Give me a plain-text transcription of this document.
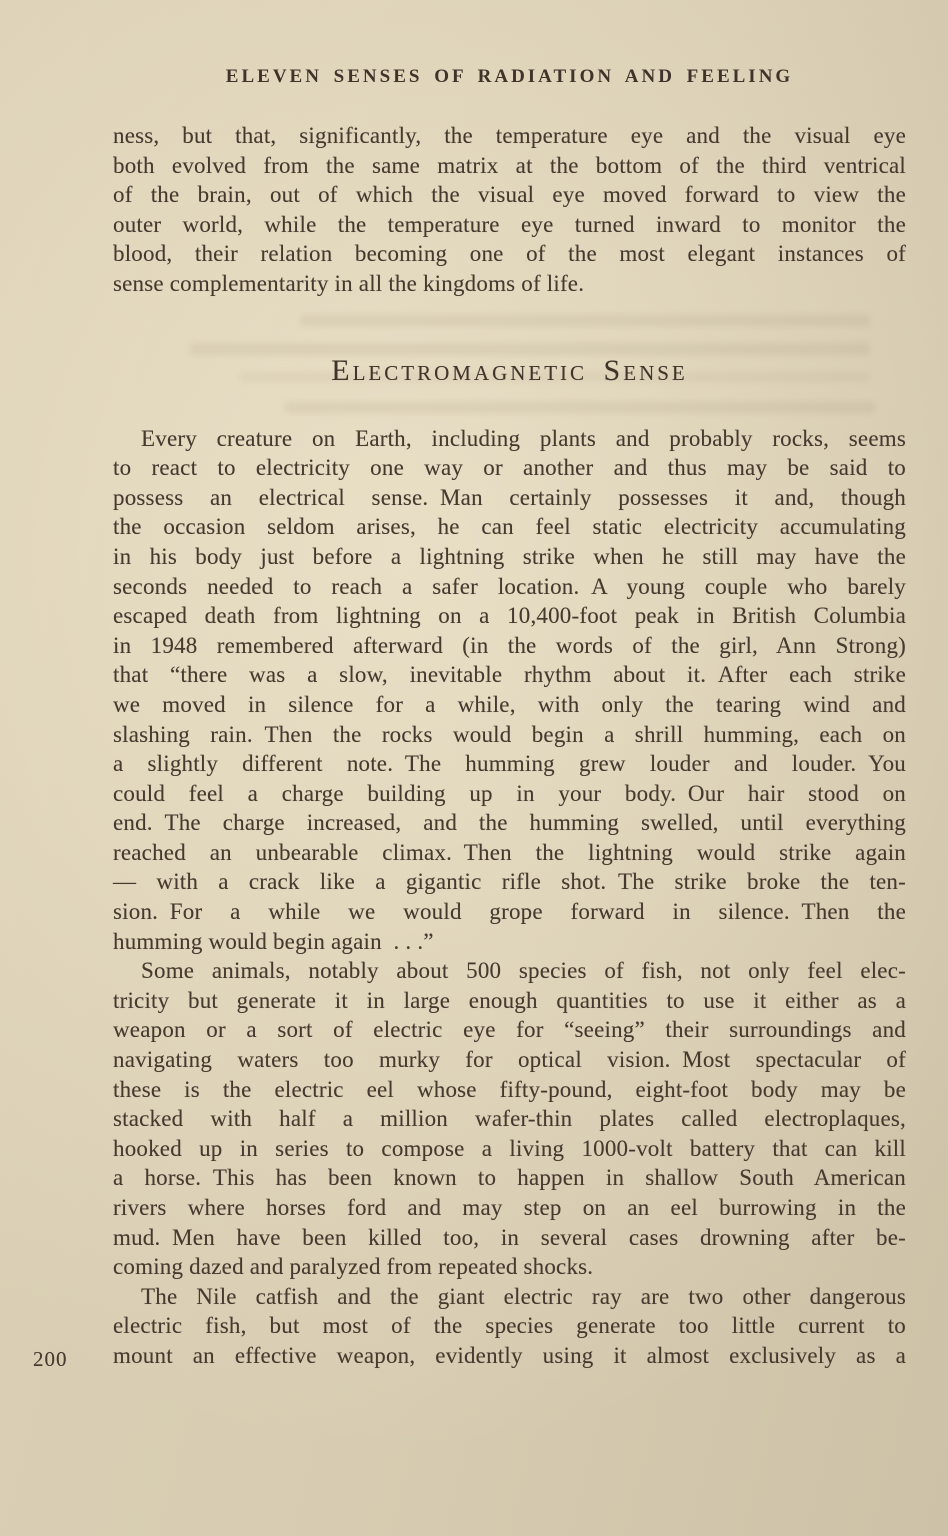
ELEVEN SENSES OF RADIATION AND FEELING

ness, but that, significantly, the temperature eye and the visual eye
both evolved from the same matrix at the bottom of the third ventrical
of the brain, out of which the visual eye moved forward to view the
outer world, while the temperature eye turned inward to monitor the
blood, their relation becoming one of the most elegant instances of
sense complementarity in all the kingdoms of life.

Electromagnetic Sense

Every creature on Earth, including plants and probably rocks, seems
to react to electricity one way or another and thus may be said to
possess an electrical sense. Man certainly possesses it and, though
the occasion seldom arises, he can feel static electricity accumulating
in his body just before a lightning strike when he still may have the
seconds needed to reach a safer location. A young couple who barely
escaped death from lightning on a 10,400-foot peak in British Columbia
in 1948 remembered afterward (in the words of the girl, Ann Strong)
that “there was a slow, inevitable rhythm about it. After each strike
we moved in silence for a while, with only the tearing wind and
slashing rain. Then the rocks would begin a shrill humming, each on
a slightly different note. The humming grew louder and louder. You
could feel a charge building up in your body. Our hair stood on
end. The charge increased, and the humming swelled, until everything
reached an unbearable climax. Then the lightning would strike again
— with a crack like a gigantic rifle shot. The strike broke the ten-
sion. For a while we would grope forward in silence. Then the
humming would begin again . . .”

Some animals, notably about 500 species of fish, not only feel elec-
tricity but generate it in large enough quantities to use it either as a
weapon or a sort of electric eye for “seeing” their surroundings and
navigating waters too murky for optical vision. Most spectacular of
these is the electric eel whose fifty-pound, eight-foot body may be
stacked with half a million wafer-thin plates called electroplaques,
hooked up in series to compose a living 1000-volt battery that can kill
a horse. This has been known to happen in shallow South American
rivers where horses ford and may step on an eel burrowing in the
mud. Men have been killed too, in several cases drowning after be-
coming dazed and paralyzed from repeated shocks.

The Nile catfish and the giant electric ray are two other dangerous
electric fish, but most of the species generate too little current to
mount an effective weapon, evidently using it almost exclusively as a

200
